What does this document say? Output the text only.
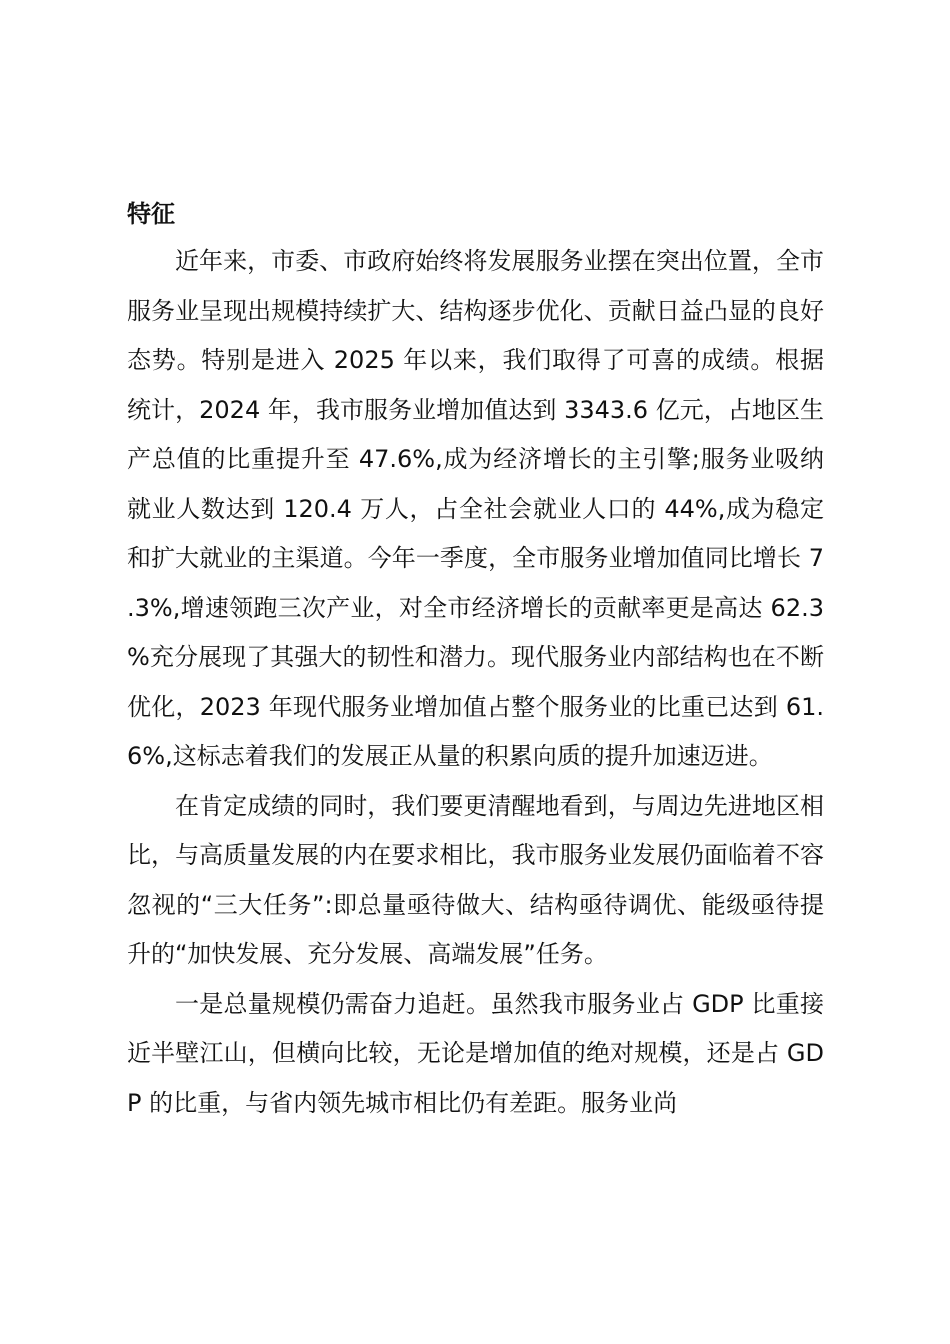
特征

近年来，市委、市政府始终将发展服务业摆在突出位置，全市服务业呈现出规模持续扩大、结构逐步优化、贡献日益凸显的良好态势。特别是进入 2025 年以来，我们取得了可喜的成绩。根据统计，2024 年，我市服务业增加值达到 3343.6 亿元，占地区生产总值的比重提升至 47.6%,成为经济增长的主引擎;服务业吸纳就业人数达到 120.4 万人，占全社会就业人口的 44%,成为稳定和扩大就业的主渠道。今年一季度，全市服务业增加值同比增长 7.3%,增速领跑三次产业，对全市经济增长的贡献率更是高达 62.3%充分展现了其强大的韧性和潜力。现代服务业内部结构也在不断优化，2023 年现代服务业增加值占整个服务业的比重已达到 61.6%,这标志着我们的发展正从量的积累向质的提升加速迈进。

在肯定成绩的同时，我们要更清醒地看到，与周边先进地区相比，与高质量发展的内在要求相比，我市服务业发展仍面临着不容忽视的“三大任务”:即总量亟待做大、结构亟待调优、能级亟待提升的“加快发展、充分发展、高端发展”任务。

一是总量规模仍需奋力追赶。虽然我市服务业占 GDP 比重接近半壁江山，但横向比较，无论是增加值的绝对规模，还是占 GDP 的比重，与省内领先城市相比仍有差距。服务业尚
